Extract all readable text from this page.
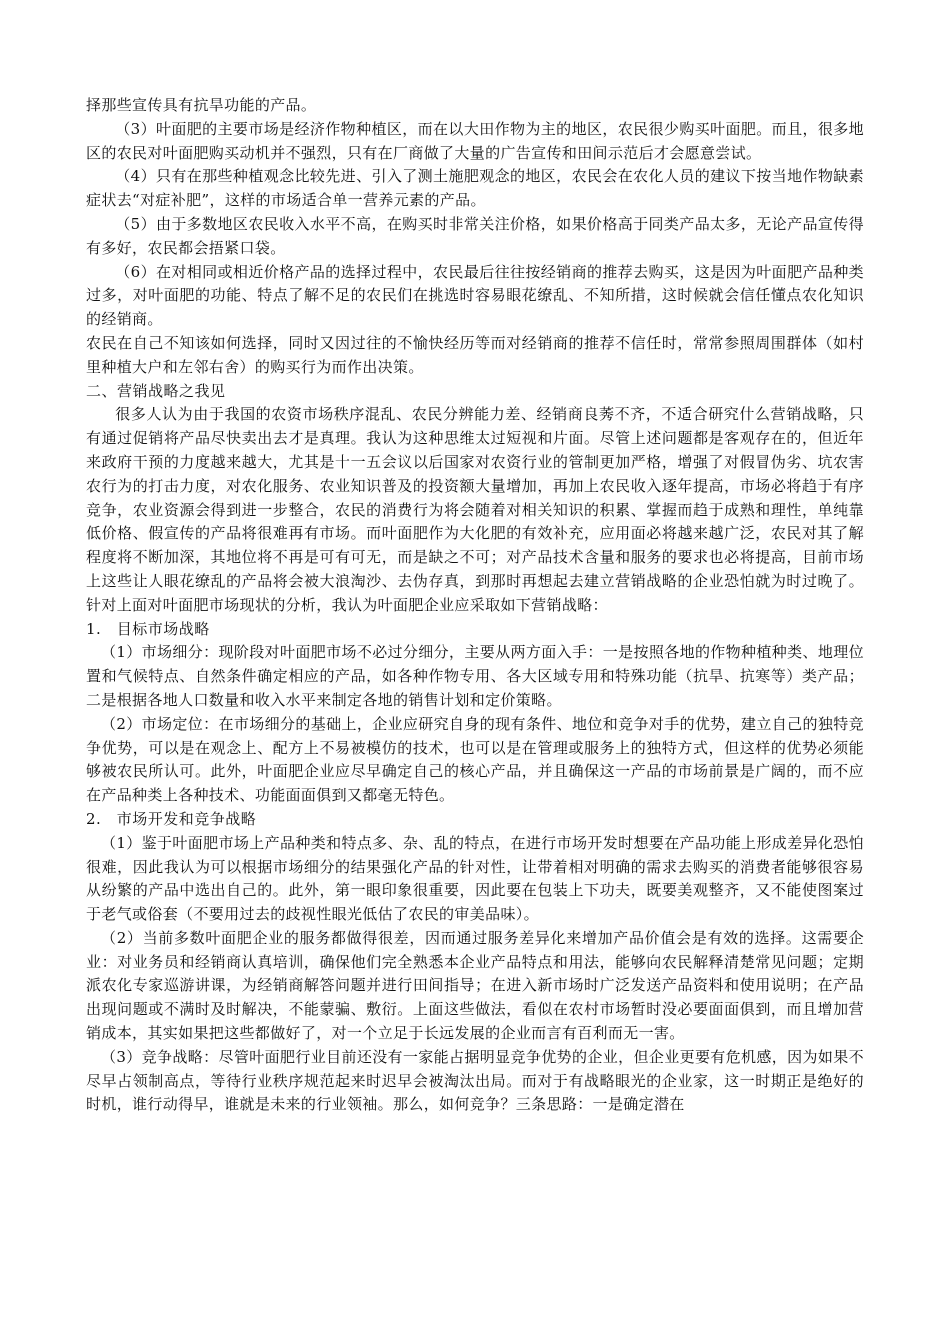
择那些宣传具有抗旱功能的产品。

（3）叶面肥的主要市场是经济作物种植区，而在以大田作物为主的地区，农民很少购买叶面肥。而且，很多地区的农民对叶面肥购买动机并不强烈，只有在厂商做了大量的广告宣传和田间示范后才会愿意尝试。

（4）只有在那些种植观念比较先进、引入了测土施肥观念的地区，农民会在农化人员的建议下按当地作物缺素症状去“对症补肥”，这样的市场适合单一营养元素的产品。

（5）由于多数地区农民收入水平不高，在购买时非常关注价格，如果价格高于同类产品太多，无论产品宣传得有多好，农民都会捂紧口袋。

（6）在对相同或相近价格产品的选择过程中，农民最后往往按经销商的推荐去购买，这是因为叶面肥产品种类过多，对叶面肥的功能、特点了解不足的农民们在挑选时容易眼花缭乱、不知所措，这时候就会信任懂点农化知识的经销商。

农民在自己不知该如何选择，同时又因过往的不愉快经历等而对经销商的推荐不信任时，常常参照周围群体（如村里种植大户和左邻右舍）的购买行为而作出决策。

二、营销战略之我见

很多人认为由于我国的农资市场秩序混乱、农民分辨能力差、经销商良莠不齐，不适合研究什么营销战略，只有通过促销将产品尽快卖出去才是真理。我认为这种思维太过短视和片面。尽管上述问题都是客观存在的，但近年来政府干预的力度越来越大，尤其是十一五会议以后国家对农资行业的管制更加严格，增强了对假冒伪劣、坑农害农行为的打击力度，对农化服务、农业知识普及的投资额大量增加，再加上农民收入逐年提高，市场必将趋于有序竞争，农业资源会得到进一步整合，农民的消费行为将会随着对相关知识的积累、掌握而趋于成熟和理性，单纯靠低价格、假宣传的产品将很难再有市场。而叶面肥作为大化肥的有效补充，应用面必将越来越广泛，农民对其了解程度将不断加深，其地位将不再是可有可无，而是缺之不可；对产品技术含量和服务的要求也必将提高，目前市场上这些让人眼花缭乱的产品将会被大浪淘沙、去伪存真，到那时再想起去建立营销战略的企业恐怕就为时过晚了。针对上面对叶面肥市场现状的分析，我认为叶面肥企业应采取如下营销战略：

1.　目标市场战略

（1）市场细分：现阶段对叶面肥市场不必过分细分，主要从两方面入手：一是按照各地的作物种植种类、地理位置和气候特点、自然条件确定相应的产品，如各种作物专用、各大区域专用和特殊功能（抗旱、抗寒等）类产品；二是根据各地人口数量和收入水平来制定各地的销售计划和定价策略。

（2）市场定位：在市场细分的基础上，企业应研究自身的现有条件、地位和竞争对手的优势，建立自己的独特竞争优势，可以是在观念上、配方上不易被模仿的技术，也可以是在管理或服务上的独特方式，但这样的优势必须能够被农民所认可。此外，叶面肥企业应尽早确定自己的核心产品，并且确保这一产品的市场前景是广阔的，而不应在产品种类上各种技术、功能面面俱到又都毫无特色。

2.　市场开发和竞争战略

（1）鉴于叶面肥市场上产品种类和特点多、杂、乱的特点，在进行市场开发时想要在产品功能上形成差异化恐怕很难，因此我认为可以根据市场细分的结果强化产品的针对性，让带着相对明确的需求去购买的消费者能够很容易从纷繁的产品中选出自己的。此外，第一眼印象很重要，因此要在包装上下功夫，既要美观整齐，又不能使图案过于老气或俗套（不要用过去的歧视性眼光低估了农民的审美品味）。

（2）当前多数叶面肥企业的服务都做得很差，因而通过服务差异化来增加产品价值会是有效的选择。这需要企业：对业务员和经销商认真培训，确保他们完全熟悉本企业产品特点和用法，能够向农民解释清楚常见问题；定期派农化专家巡游讲课，为经销商解答问题并进行田间指导；在进入新市场时广泛发送产品资料和使用说明；在产品出现问题或不满时及时解决，不能蒙骗、敷衍。上面这些做法，看似在农村市场暂时没必要面面俱到，而且增加营销成本，其实如果把这些都做好了，对一个立足于长远发展的企业而言有百利而无一害。

（3）竞争战略：尽管叶面肥行业目前还没有一家能占据明显竞争优势的企业，但企业更要有危机感，因为如果不尽早占领制高点，等待行业秩序规范起来时迟早会被淘汰出局。而对于有战略眼光的企业家，这一时期正是绝好的时机，谁行动得早，谁就是未来的行业领袖。那么，如何竞争？三条思路：一是确定潜在
